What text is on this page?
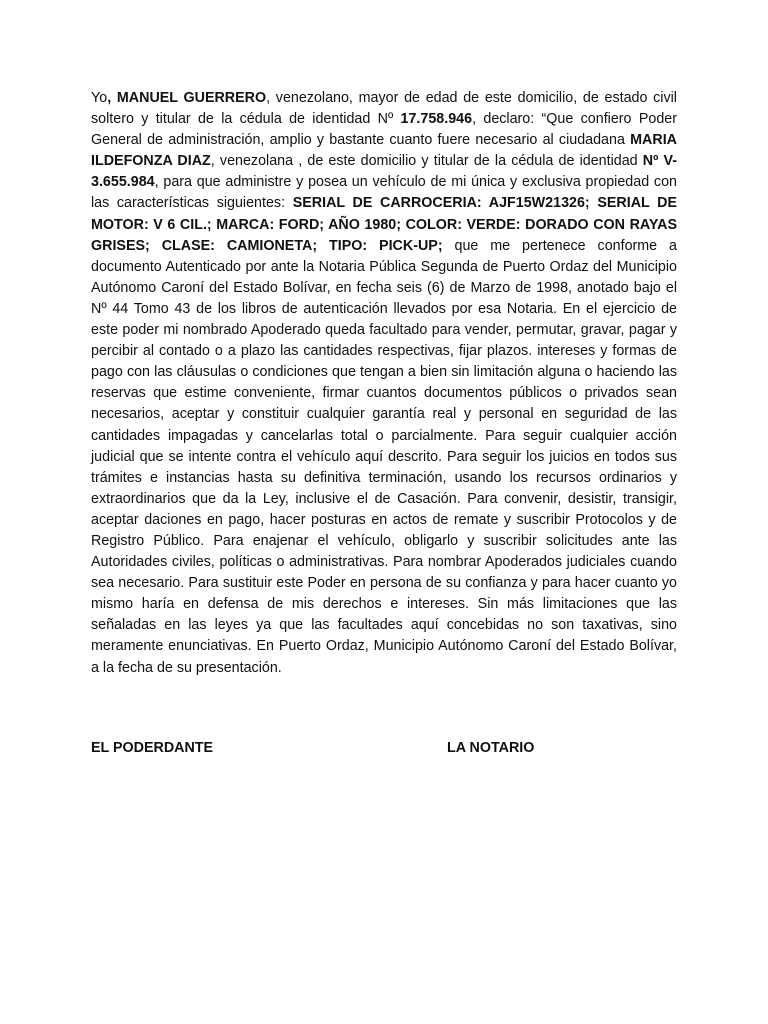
Yo, MANUEL GUERRERO, venezolano, mayor de edad de este domicilio, de estado civil soltero y titular de la cédula de identidad Nº 17.758.946, declaro: “Que confiero Poder General de administración, amplio y bastante cuanto fuere necesario al ciudadana MARIA ILDEFONZA DIAZ, venezolana , de este domicilio y titular de la cédula de identidad Nº V- 3.655.984, para que administre y posea un vehículo de mi única y exclusiva propiedad con las características siguientes: SERIAL DE CARROCERIA: AJF15W21326; SERIAL DE MOTOR: V 6 CIL.; MARCA: FORD; AÑO 1980; COLOR: VERDE: DORADO CON RAYAS GRISES; CLASE: CAMIONETA; TIPO: PICK-UP; que me pertenece conforme a documento Autenticado por ante la Notaria Pública Segunda de Puerto Ordaz del Municipio Autónomo Caroní del Estado Bolívar, en fecha seis (6) de Marzo de 1998, anotado bajo el Nº 44 Tomo 43 de los libros de autenticación llevados por esa Notaria. En el ejercicio de este poder mi nombrado Apoderado queda facultado para vender, permutar, gravar, pagar y percibir al contado o a plazo las cantidades respectivas, fijar plazos. intereses y formas de pago con las cláusulas o condiciones que tengan a bien sin limitación alguna o haciendo las reservas que estime conveniente, firmar cuantos documentos públicos o privados sean necesarios, aceptar y constituir cualquier garantía real y personal en seguridad de las cantidades impagadas y cancelarlas total o parcialmente. Para seguir cualquier acción judicial que se intente contra el vehículo aquí descrito. Para seguir los juicios en todos sus trámites e instancias hasta su definitiva terminación, usando los recursos ordinarios y extraordinarios que da la Ley, inclusive el de Casación. Para convenir, desistir, transigir, aceptar daciones en pago, hacer posturas en actos de remate y suscribir Protocolos y de Registro Público. Para enajenar el vehículo, obligarlo y suscribir solicitudes ante las Autoridades civiles, políticas o administrativas. Para nombrar Apoderados judiciales cuando sea necesario. Para sustituir este Poder en persona de su confianza y para hacer cuanto yo mismo haría en defensa de mis derechos e intereses. Sin más limitaciones que las señaladas en las leyes ya que las facultades aquí concebidas no son taxativas, sino meramente enunciativas. En Puerto Ordaz, Municipio Autónomo Caroní del Estado Bolívar, a la fecha de su presentación.

EL PODERDANTE	LA NOTARIO
